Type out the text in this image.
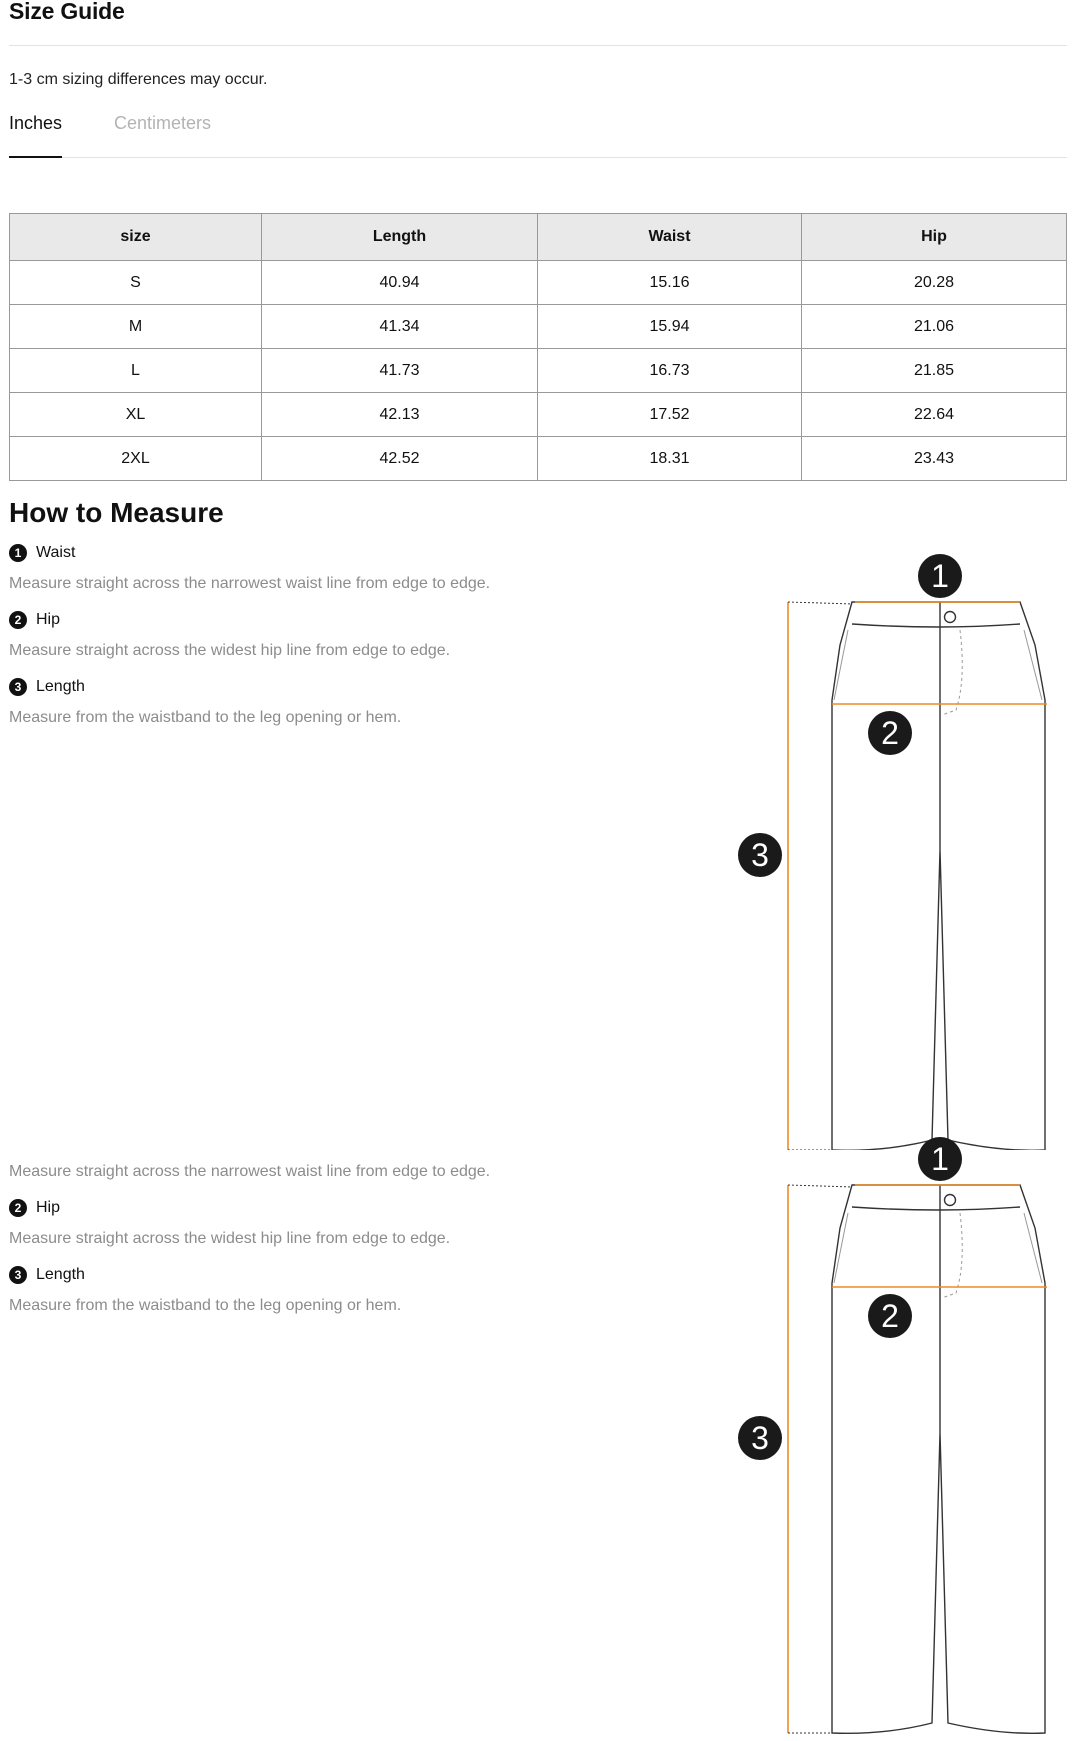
Size Guide
1-3 cm sizing differences may occur.
Inches	Centimeters
size	Length	Waist	Hip
S	40.94	15.16	20.28
M	41.34	15.94	21.06
L	41.73	16.73	21.85
XL	42.13	17.52	22.64
2XL	42.52	18.31	23.43
How to Measure
1 Waist
Measure straight across the narrowest waist line from edge to edge.
2 Hip
Measure straight across the widest hip line from edge to edge.
3 Length
Measure from the waistband to the leg opening or hem.
Measure straight across the narrowest waist line from edge to edge.
2 Hip
Measure straight across the widest hip line from edge to edge.
3 Length
Measure from the waistband to the leg opening or hem.
1
2
3
1
2
3
